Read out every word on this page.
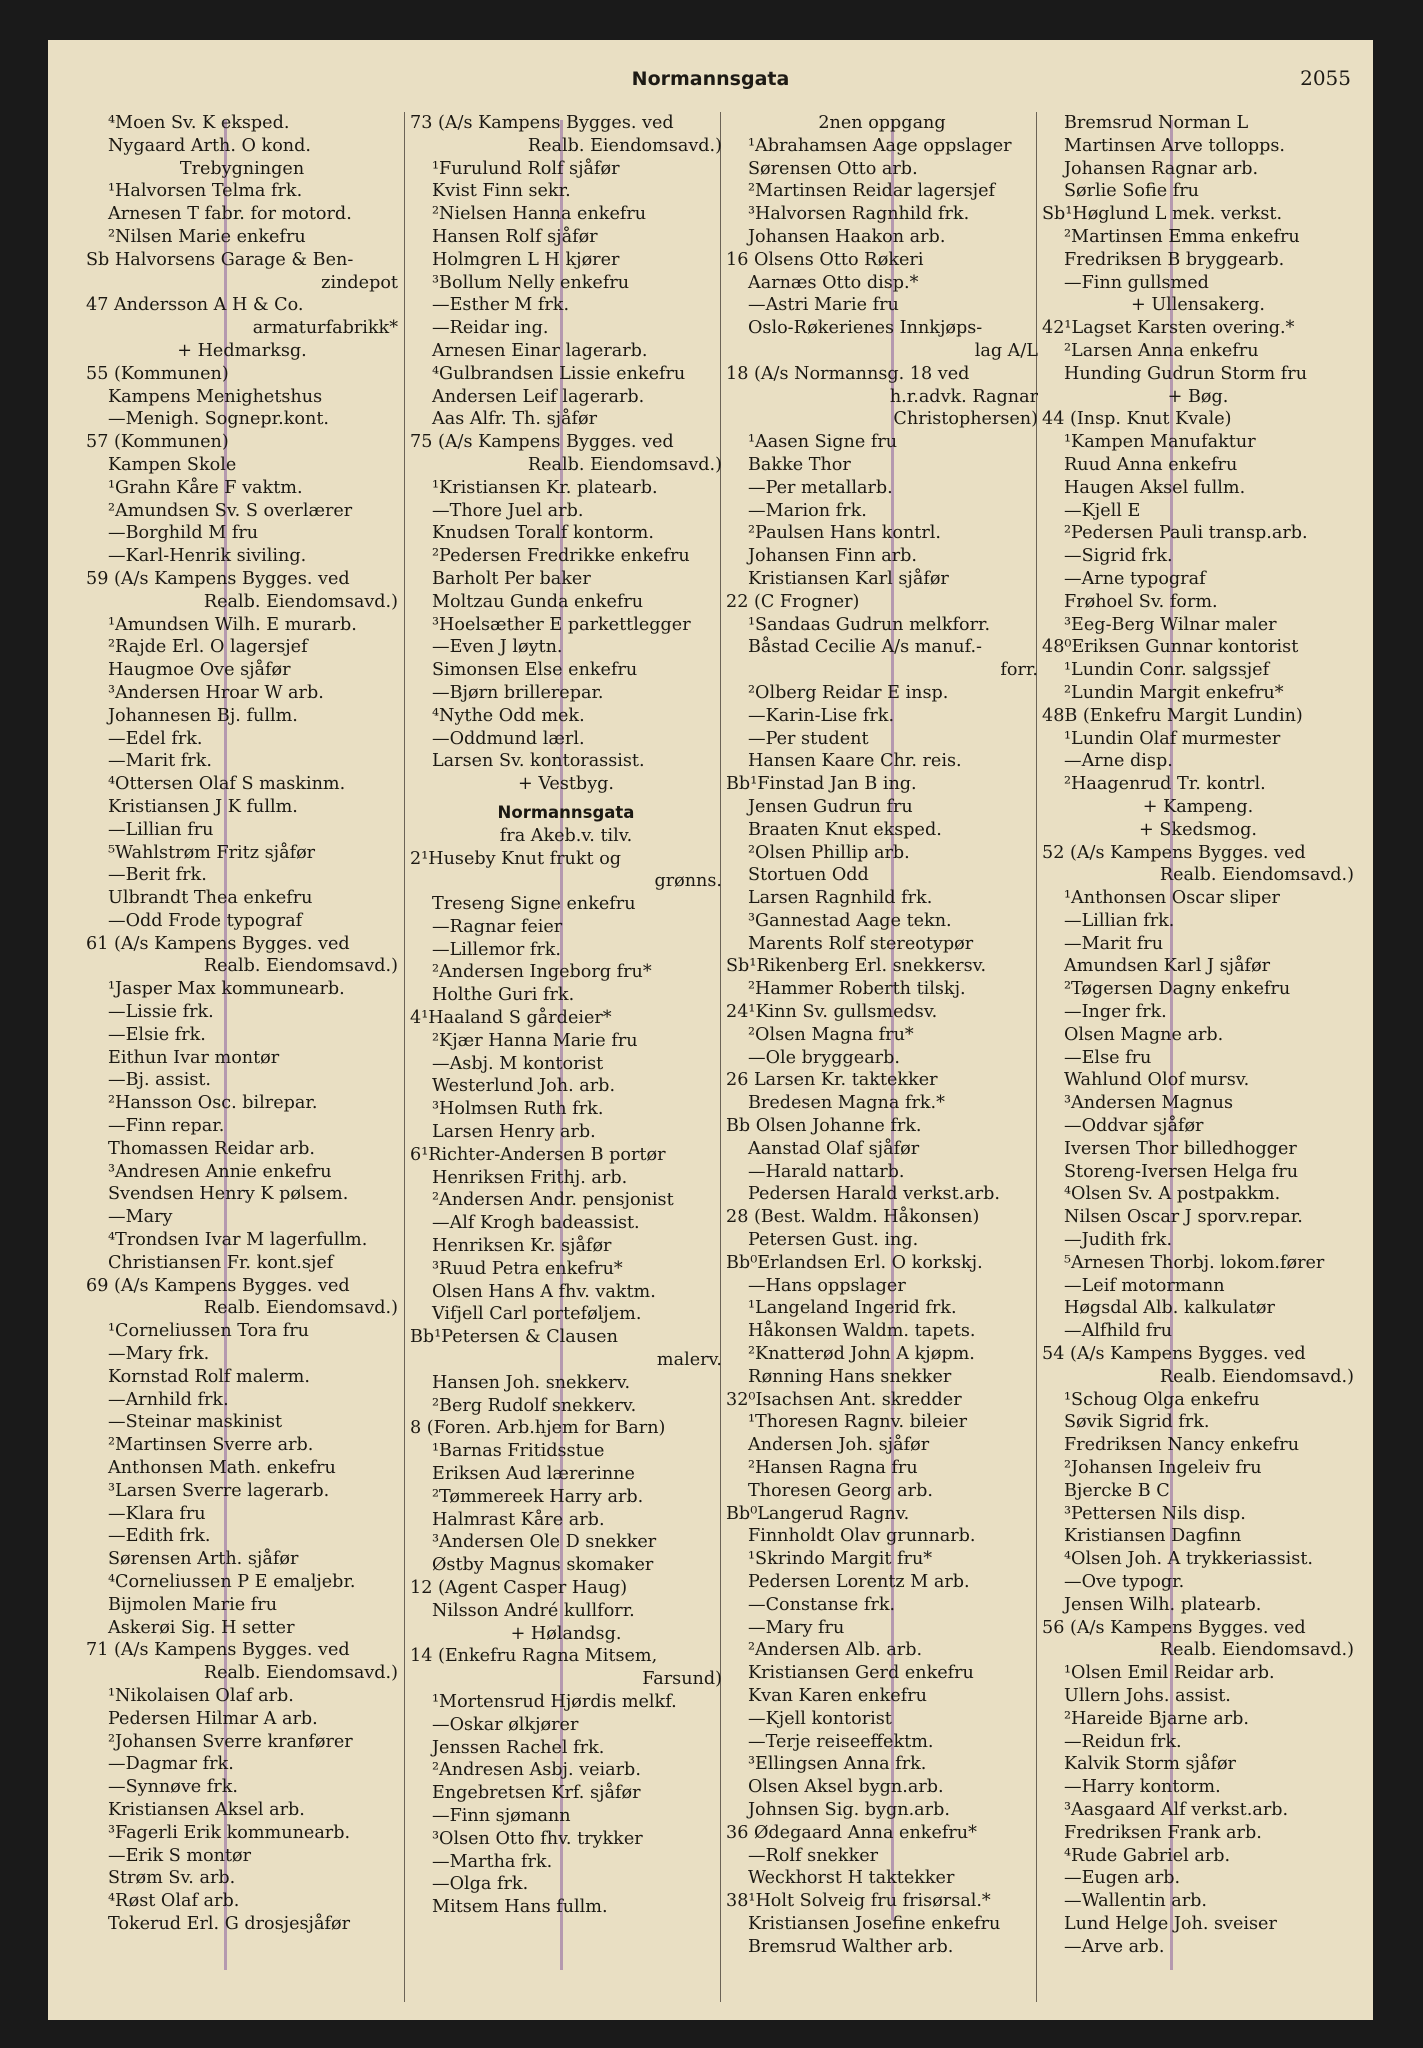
Normannsgata	2055
⁴Moen Sv. K eksped.
Nygaard Arth. O kond.
Trebygningen
¹Halvorsen Telma frk.
Arnesen T fabr. for motord.
²Nilsen Marie enkefru
Sb Halvorsens Garage & Ben-
zindepot
47 Andersson A H & Co.
armaturfabrikk*
+ Hedmarksg.
55 (Kommunen)
Kampens Menighetshus
—Menigh. Sognepr.kont.
57 (Kommunen)
Kampen Skole
¹Grahn Kåre F vaktm.
²Amundsen Sv. S overlærer
—Borghild M fru
—Karl-Henrik siviling.
59 (A/s Kampens Bygges. ved
Realb. Eiendomsavd.)
¹Amundsen Wilh. E murarb.
²Rajde Erl. O lagersjef
Haugmoe Ove sjåfør
³Andersen Hroar W arb.
Johannesen Bj. fullm.
—Edel frk.
—Marit frk.
⁴Ottersen Olaf S maskinm.
Kristiansen J K fullm.
—Lillian fru
⁵Wahlstrøm Fritz sjåfør
—Berit frk.
Ulbrandt Thea enkefru
—Odd Frode typograf
61 (A/s Kampens Bygges. ved
Realb. Eiendomsavd.)
¹Jasper Max kommunearb.
—Lissie frk.
—Elsie frk.
Eithun Ivar montør
—Bj. assist.
²Hansson Osc. bilrepar.
—Finn repar.
Thomassen Reidar arb.
³Andresen Annie enkefru
Svendsen Henry K pølsem.
—Mary
⁴Trondsen Ivar M lagerfullm.
Christiansen Fr. kont.sjef
69 (A/s Kampens Bygges. ved
Realb. Eiendomsavd.)
¹Corneliussen Tora fru
—Mary frk.
Kornstad Rolf malerm.
—Arnhild frk.
—Steinar maskinist
²Martinsen Sverre arb.
Anthonsen Math. enkefru
³Larsen Sverre lagerarb.
—Klara fru
—Edith frk.
Sørensen Arth. sjåfør
⁴Corneliussen P E emaljebr.
Bijmolen Marie fru
Askerøi Sig. H setter
71 (A/s Kampens Bygges. ved
Realb. Eiendomsavd.)
¹Nikolaisen Olaf arb.
Pedersen Hilmar A arb.
²Johansen Sverre kranfører
—Dagmar frk.
—Synnøve frk.
Kristiansen Aksel arb.
³Fagerli Erik kommunearb.
—Erik S montør
Strøm Sv. arb.
⁴Røst Olaf arb.
Tokerud Erl. G drosjesjåfør
73 (A/s Kampens Bygges. ved
Realb. Eiendomsavd.)
¹Furulund Rolf sjåfør
Kvist Finn sekr.
²Nielsen Hanna enkefru
Hansen Rolf sjåfør
Holmgren L H kjører
³Bollum Nelly enkefru
—Esther M frk.
—Reidar ing.
Arnesen Einar lagerarb.
⁴Gulbrandsen Lissie enkefru
Andersen Leif lagerarb.
Aas Alfr. Th. sjåfør
75 (A/s Kampens Bygges. ved
Realb. Eiendomsavd.)
¹Kristiansen Kr. platearb.
—Thore Juel arb.
Knudsen Toralf kontorm.
²Pedersen Fredrikke enkefru
Barholt Per baker
Moltzau Gunda enkefru
³Hoelsæther E parkettlegger
—Even J løytn.
Simonsen Else enkefru
—Bjørn brillerepar.
⁴Nythe Odd mek.
—Oddmund lærl.
Larsen Sv. kontorassist.
+ Vestbyg.
Normannsgata
fra Akeb.v. tilv.
2¹Huseby Knut frukt og
grønns.
Treseng Signe enkefru
—Ragnar feier
—Lillemor frk.
²Andersen Ingeborg fru*
Holthe Guri frk.
4¹Haaland S gårdeier*
²Kjær Hanna Marie fru
—Asbj. M kontorist
Westerlund Joh. arb.
³Holmsen Ruth frk.
Larsen Henry arb.
6¹Richter-Andersen B portør
Henriksen Frithj. arb.
²Andersen Andr. pensjonist
—Alf Krogh badeassist.
Henriksen Kr. sjåfør
³Ruud Petra enkefru*
Olsen Hans A fhv. vaktm.
Vifjell Carl porteføljem.
Bb¹Petersen & Clausen
malerv.
Hansen Joh. snekkerv.
²Berg Rudolf snekkerv.
8 (Foren. Arb.hjem for Barn)
¹Barnas Fritidsstue
Eriksen Aud lærerinne
²Tømmereek Harry arb.
Halmrast Kåre arb.
³Andersen Ole D snekker
Østby Magnus skomaker
12 (Agent Casper Haug)
Nilsson André kullforr.
+ Hølandsg.
14 (Enkefru Ragna Mitsem,
Farsund)
¹Mortensrud Hjørdis melkf.
—Oskar ølkjører
Jenssen Rachel frk.
²Andresen Asbj. veiarb.
Engebretsen Krf. sjåfør
—Finn sjømann
³Olsen Otto fhv. trykker
—Martha frk.
—Olga frk.
Mitsem Hans fullm.
2nen oppgang
¹Abrahamsen Aage oppslager
Sørensen Otto arb.
²Martinsen Reidar lagersjef
³Halvorsen Ragnhild frk.
Johansen Haakon arb.
16 Olsens Otto Røkeri
Aarnæs Otto disp.*
—Astri Marie fru
Oslo-Røkerienes Innkjøps-
lag A/L
18 (A/s Normannsg. 18 ved
h.r.advk. Ragnar
Christophersen)
¹Aasen Signe fru
Bakke Thor
—Per metallarb.
—Marion frk.
²Paulsen Hans kontrl.
Johansen Finn arb.
Kristiansen Karl sjåfør
22 (C Frogner)
¹Sandaas Gudrun melkforr.
Båstad Cecilie A/s manuf.-
forr.
²Olberg Reidar E insp.
—Karin-Lise frk.
—Per student
Hansen Kaare Chr. reis.
Bb¹Finstad Jan B ing.
Jensen Gudrun fru
Braaten Knut eksped.
²Olsen Phillip arb.
Stortuen Odd
Larsen Ragnhild frk.
³Gannestad Aage tekn.
Marents Rolf stereotypør
Sb¹Rikenberg Erl. snekkersv.
²Hammer Roberth tilskj.
24¹Kinn Sv. gullsmedsv.
²Olsen Magna fru*
—Ole bryggearb.
26 Larsen Kr. taktekker
Bredesen Magna frk.*
Bb Olsen Johanne frk.
Aanstad Olaf sjåfør
—Harald nattarb.
Pedersen Harald verkst.arb.
28 (Best. Waldm. Håkonsen)
Petersen Gust. ing.
Bb⁰Erlandsen Erl. O korkskj.
—Hans oppslager
¹Langeland Ingerid frk.
Håkonsen Waldm. tapets.
²Knatterød John A kjøpm.
Rønning Hans snekker
32⁰Isachsen Ant. skredder
¹Thoresen Ragnv. bileier
Andersen Joh. sjåfør
²Hansen Ragna fru
Thoresen Georg arb.
Bb⁰Langerud Ragnv.
Finnholdt Olav grunnarb.
¹Skrindo Margit fru*
Pedersen Lorentz M arb.
—Constanse frk.
—Mary fru
²Andersen Alb. arb.
Kristiansen Gerd enkefru
Kvan Karen enkefru
—Kjell kontorist
—Terje reiseeffektm.
³Ellingsen Anna frk.
Olsen Aksel bygn.arb.
Johnsen Sig. bygn.arb.
36 Ødegaard Anna enkefru*
—Rolf snekker
Weckhorst H taktekker
38¹Holt Solveig fru frisørsal.*
Kristiansen Josefine enkefru
Bremsrud Walther arb.
Bremsrud Norman L
Martinsen Arve tollopps.
Johansen Ragnar arb.
Sørlie Sofie fru
Sb¹Høglund L mek. verkst.
²Martinsen Emma enkefru
Fredriksen B bryggearb.
—Finn gullsmed
+ Ullensakerg.
42¹Lagset Karsten overing.*
²Larsen Anna enkefru
Hunding Gudrun Storm fru
+ Bøg.
44 (Insp. Knut Kvale)
¹Kampen Manufaktur
Ruud Anna enkefru
Haugen Aksel fullm.
—Kjell E
²Pedersen Pauli transp.arb.
—Sigrid frk.
—Arne typograf
Frøhoel Sv. form.
³Eeg-Berg Wilnar maler
48⁰Eriksen Gunnar kontorist
¹Lundin Conr. salgssjef
²Lundin Margit enkefru*
48B (Enkefru Margit Lundin)
¹Lundin Olaf murmester
—Arne disp.
²Haagenrud Tr. kontrl.
+ Kampeng.
+ Skedsmog.
52 (A/s Kampens Bygges. ved
Realb. Eiendomsavd.)
¹Anthonsen Oscar sliper
—Lillian frk.
—Marit fru
Amundsen Karl J sjåfør
²Tøgersen Dagny enkefru
—Inger frk.
Olsen Magne arb.
—Else fru
Wahlund Olof mursv.
³Andersen Magnus
—Oddvar sjåfør
Iversen Thor billedhogger
Storeng-Iversen Helga fru
⁴Olsen Sv. A postpakkm.
Nilsen Oscar J sporv.repar.
—Judith frk.
⁵Arnesen Thorbj. lokom.fører
—Leif motormann
Høgsdal Alb. kalkulatør
—Alfhild fru
54 (A/s Kampens Bygges. ved
Realb. Eiendomsavd.)
¹Schoug Olga enkefru
Søvik Sigrid frk.
Fredriksen Nancy enkefru
²Johansen Ingeleiv fru
Bjercke B C
³Pettersen Nils disp.
Kristiansen Dagfinn
⁴Olsen Joh. A trykkeriassist.
—Ove typogr.
Jensen Wilh. platearb.
56 (A/s Kampens Bygges. ved
Realb. Eiendomsavd.)
¹Olsen Emil Reidar arb.
Ullern Johs. assist.
²Hareide Bjarne arb.
—Reidun frk.
Kalvik Storm sjåfør
—Harry kontorm.
³Aasgaard Alf verkst.arb.
Fredriksen Frank arb.
⁴Rude Gabriel arb.
—Eugen arb.
—Wallentin arb.
Lund Helge Joh. sveiser
—Arve arb.
